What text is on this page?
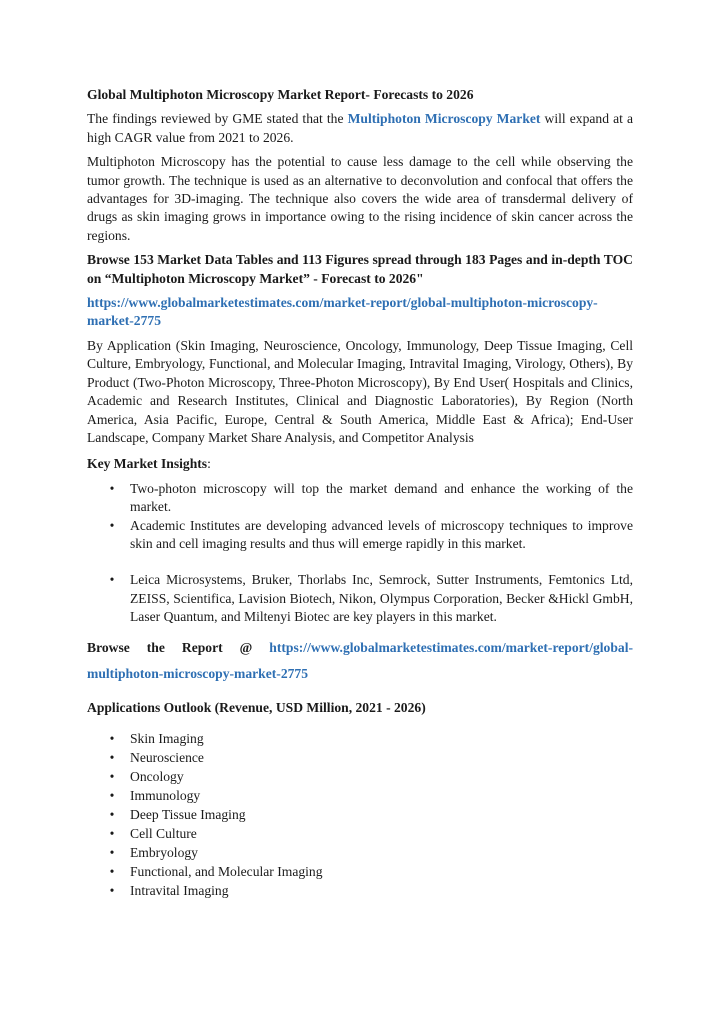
Global Multiphoton Microscopy Market Report- Forecasts to 2026

The findings reviewed by GME stated that the Multiphoton Microscopy Market will expand at a high CAGR value from 2021 to 2026.

Multiphoton Microscopy has the potential to cause less damage to the cell while observing the tumor growth. The technique is used as an alternative to deconvolution and confocal that offers the advantages for 3D-imaging. The technique also covers the wide area of transdermal delivery of drugs as skin imaging grows in importance owing to the rising incidence of skin cancer across the regions.

Browse 153 Market Data Tables and 113 Figures spread through 183 Pages and in-depth TOC on “Multiphoton Microscopy Market” - Forecast to 2026"

https://www.globalmarketestimates.com/market-report/global-multiphoton-microscopy-market-2775

By Application (Skin Imaging, Neuroscience, Oncology, Immunology, Deep Tissue Imaging, Cell Culture, Embryology, Functional, and Molecular Imaging, Intravital Imaging, Virology, Others), By Product (Two-Photon Microscopy, Three-Photon Microscopy), By End User( Hospitals and Clinics, Academic and Research Institutes, Clinical and Diagnostic Laboratories), By Region (North America, Asia Pacific, Europe, Central & South America, Middle East & Africa); End-User Landscape, Company Market Share Analysis, and Competitor Analysis

Key Market Insights:

• Two-photon microscopy will top the market demand and enhance the working of the market.
• Academic Institutes are developing advanced levels of microscopy techniques to improve skin and cell imaging results and thus will emerge rapidly in this market.
• Leica Microsystems, Bruker, Thorlabs Inc, Semrock, Sutter Instruments, Femtonics Ltd, ZEISS, Scientifica, Lavision Biotech, Nikon, Olympus Corporation, Becker &Hickl GmbH, Laser Quantum, and Miltenyi Biotec are key players in this market.

Browse the Report @ https://www.globalmarketestimates.com/market-report/global-multiphoton-microscopy-market-2775

Applications Outlook (Revenue, USD Million, 2021 - 2026)

• Skin Imaging
• Neuroscience
• Oncology
• Immunology
• Deep Tissue Imaging
• Cell Culture
• Embryology
• Functional, and Molecular Imaging
• Intravital Imaging
